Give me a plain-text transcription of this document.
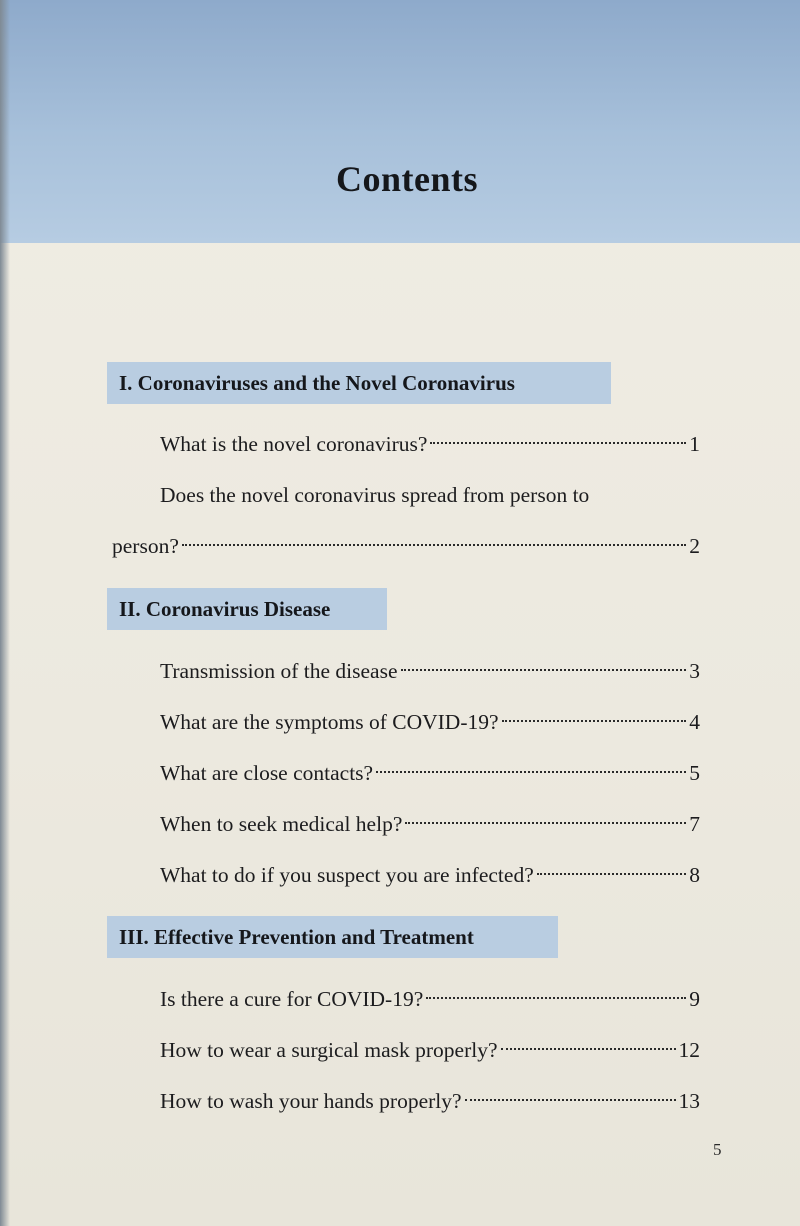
Contents
I. Coronaviruses and the Novel Coronavirus
What is the novel coronavirus?	1
Does the novel coronavirus spread from person to
person?	2
II. Coronavirus Disease
Transmission of the disease	3
What are the symptoms of COVID-19?	4
What are close contacts?	5
When to seek medical help?	7
What to do if you suspect you are infected?	8
III. Effective Prevention and Treatment
Is there a cure for COVID-19?	9
How to wear a surgical mask properly?	12
How to wash your hands properly?	13
5
